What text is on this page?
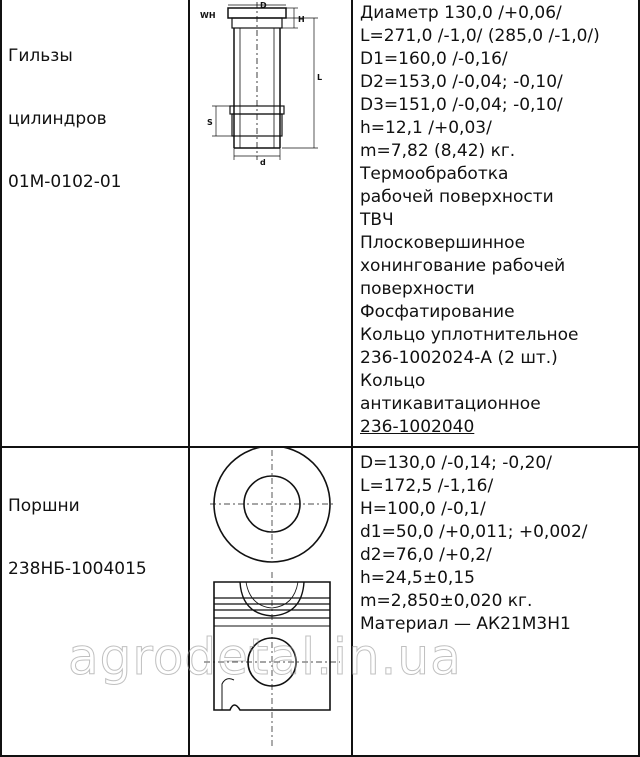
Гильзы

цилиндров

01М-0102-01

WH
D
H
L
S
d
Диаметр 130,0 /+0,06/
L=271,0 /-1,0/ (285,0 /-1,0/)
D1=160,0 /-0,16/
D2=153,0 /-0,04; -0,10/
D3=151,0 /-0,04; -0,10/
h=12,1 /+0,03/
m=7,82 (8,42) кг.
Термообработка
рабочей поверхности
ТВЧ
Плосковершинное
хонингование рабочей
поверхности
Фосфатирование
Кольцо уплотнительное
236-1002024-А (2 шт.)
Кольцо
антикавитационное
236-1002040

Поршни

238НБ-1004015

D=130,0 /-0,14; -0,20/
L=172,5 /-1,16/
H=100,0 /-0,1/
d1=50,0 /+0,011; +0,002/
d2=76,0 /+0,2/
h=24,5±0,15
m=2,850±0,020 кг.
Материал — АК21М3Н1
agrodetal.in.ua
